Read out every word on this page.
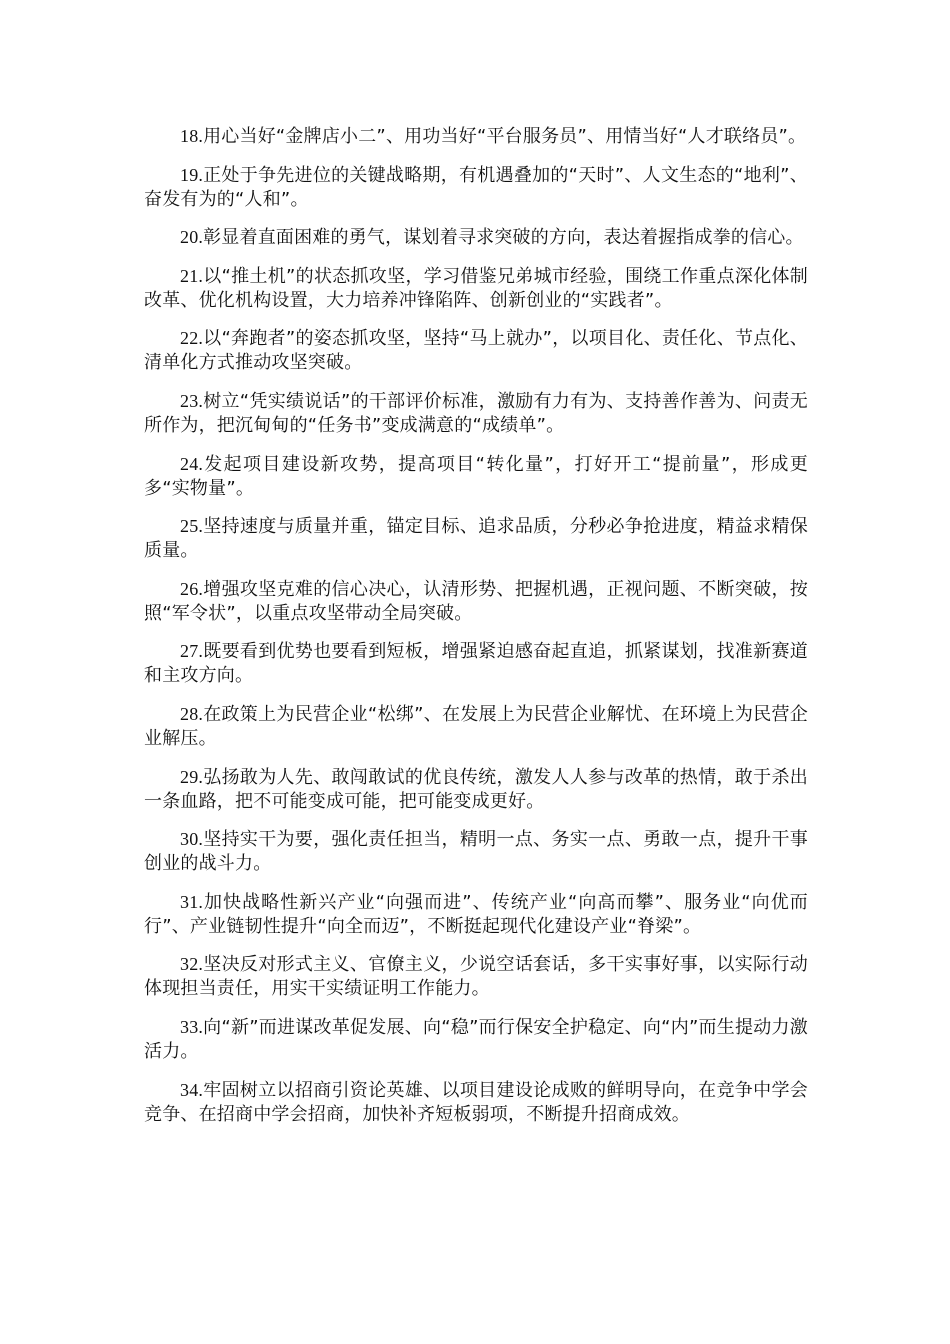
18.用心当好“金牌店小二”、用功当好“平台服务员”、用情当好“人才联络员”。

19.正处于争先进位的关键战略期，有机遇叠加的“天时”、人文生态的“地利”、奋发有为的“人和”。

20.彰显着直面困难的勇气，谋划着寻求突破的方向，表达着握指成拳的信心。

21.以“推土机”的状态抓攻坚，学习借鉴兄弟城市经验，围绕工作重点深化体制改革、优化机构设置，大力培养冲锋陷阵、创新创业的“实践者”。

22.以“奔跑者”的姿态抓攻坚，坚持“马上就办”，以项目化、责任化、节点化、清单化方式推动攻坚突破。

23.树立“凭实绩说话”的干部评价标准，激励有力有为、支持善作善为、问责无所作为，把沉甸甸的“任务书”变成满意的“成绩单”。

24.发起项目建设新攻势，提高项目“转化量”，打好开工“提前量”，形成更多“实物量”。

25.坚持速度与质量并重，锚定目标、追求品质，分秒必争抢进度，精益求精保质量。

26.增强攻坚克难的信心决心，认清形势、把握机遇，正视问题、不断突破，按照“军令状”，以重点攻坚带动全局突破。

27.既要看到优势也要看到短板，增强紧迫感奋起直追，抓紧谋划，找准新赛道和主攻方向。

28.在政策上为民营企业“松绑”、在发展上为民营企业解忧、在环境上为民营企业解压。

29.弘扬敢为人先、敢闯敢试的优良传统，激发人人参与改革的热情，敢于杀出一条血路，把不可能变成可能，把可能变成更好。

30.坚持实干为要，强化责任担当，精明一点、务实一点、勇敢一点，提升干事创业的战斗力。

31.加快战略性新兴产业“向强而进”、传统产业“向高而攀”、服务业“向优而行”、产业链韧性提升“向全而迈”，不断挺起现代化建设产业“脊梁”。

32.坚决反对形式主义、官僚主义，少说空话套话，多干实事好事，以实际行动体现担当责任，用实干实绩证明工作能力。

33.向“新”而进谋改革促发展、向“稳”而行保安全护稳定、向“内”而生提动力激活力。

34.牢固树立以招商引资论英雄、以项目建设论成败的鲜明导向，在竞争中学会竞争、在招商中学会招商，加快补齐短板弱项，不断提升招商成效。
